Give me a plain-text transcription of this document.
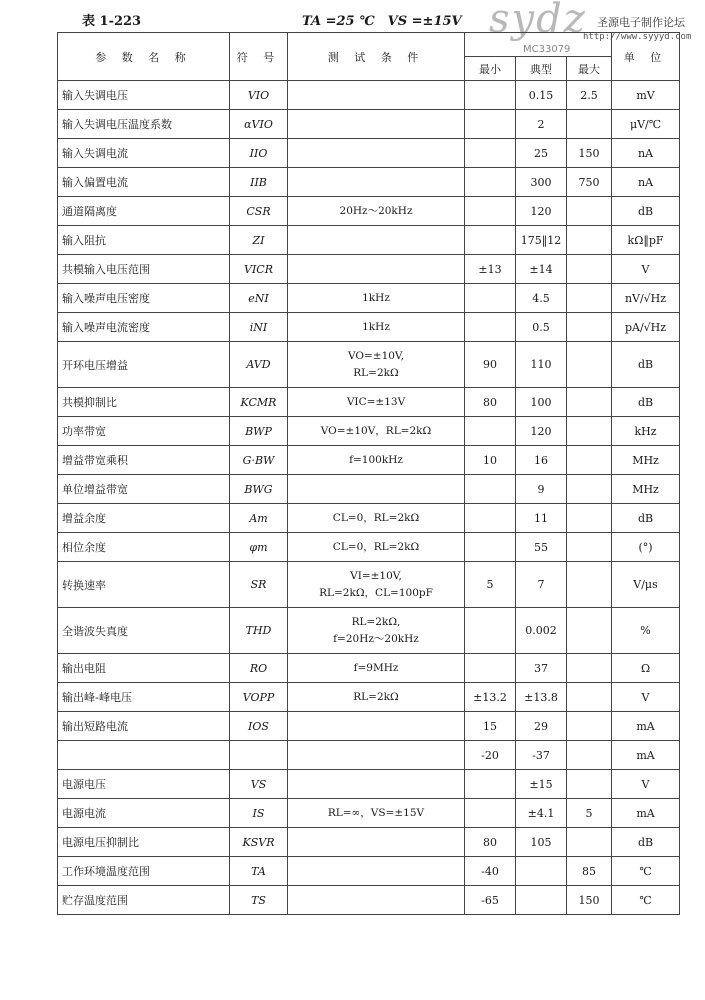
表 1-223	TA =25 ℃　VS =±15V sydz 圣源电子制作论坛
http://www.syyyd.com
MC33079
参 数 名 称	符 号	测 试 条 件				单 位
			最小	典型	最大	
输入失调电压	VIO			0.15	2.5	mV
输入失调电压温度系数	αVIO			2		μV/℃
输入失调电流	IIO			25	150	nA
输入偏置电流	IIB			300	750	nA
通道隔离度	CSR	20Hz～20kHz		120		dB
输入阻抗	ZI			175‖12		kΩ‖pF
共模输入电压范围	VICR		±13	±14		V
输入噪声电压密度	eNI	1kHz		4.5		nV/√Hz
输入噪声电流密度	iNI	1kHz		0.5		pA/√Hz
开环电压增益	AVD	VO=±10V,
RL=2kΩ	90	110		dB
共模抑制比	KCMR	VIC=±13V	80	100		dB
功率带宽	BWP	VO=±10V，RL=2kΩ		120		kHz
增益带宽乘积	G·BW	f=100kHz	10	16		MHz
单位增益带宽	BWG			9		MHz
增益余度	Am	CL=0，RL=2kΩ		11		dB
相位余度	φm	CL=0，RL=2kΩ		55		(°)
转换速率	SR	VI=±10V,
RL=2kΩ，CL=100pF	5	7		V/μs
全谐波失真度	THD	RL=2kΩ,
f=20Hz～20kHz		0.002		%
输出电阻	RO	f=9MHz		37		Ω
输出峰-峰电压	VOPP	RL=2kΩ	±13.2	±13.8		V
输出短路电流	IOS		15	29		mA
			-20	-37		mA
电源电压	VS			±15		V
电源电流	IS	RL=∞，VS=±15V		±4.1	5	mA
电源电压抑制比	KSVR		80	105		dB
工作环境温度范围	TA		-40		85	℃
贮存温度范围	TS		-65		150	℃
